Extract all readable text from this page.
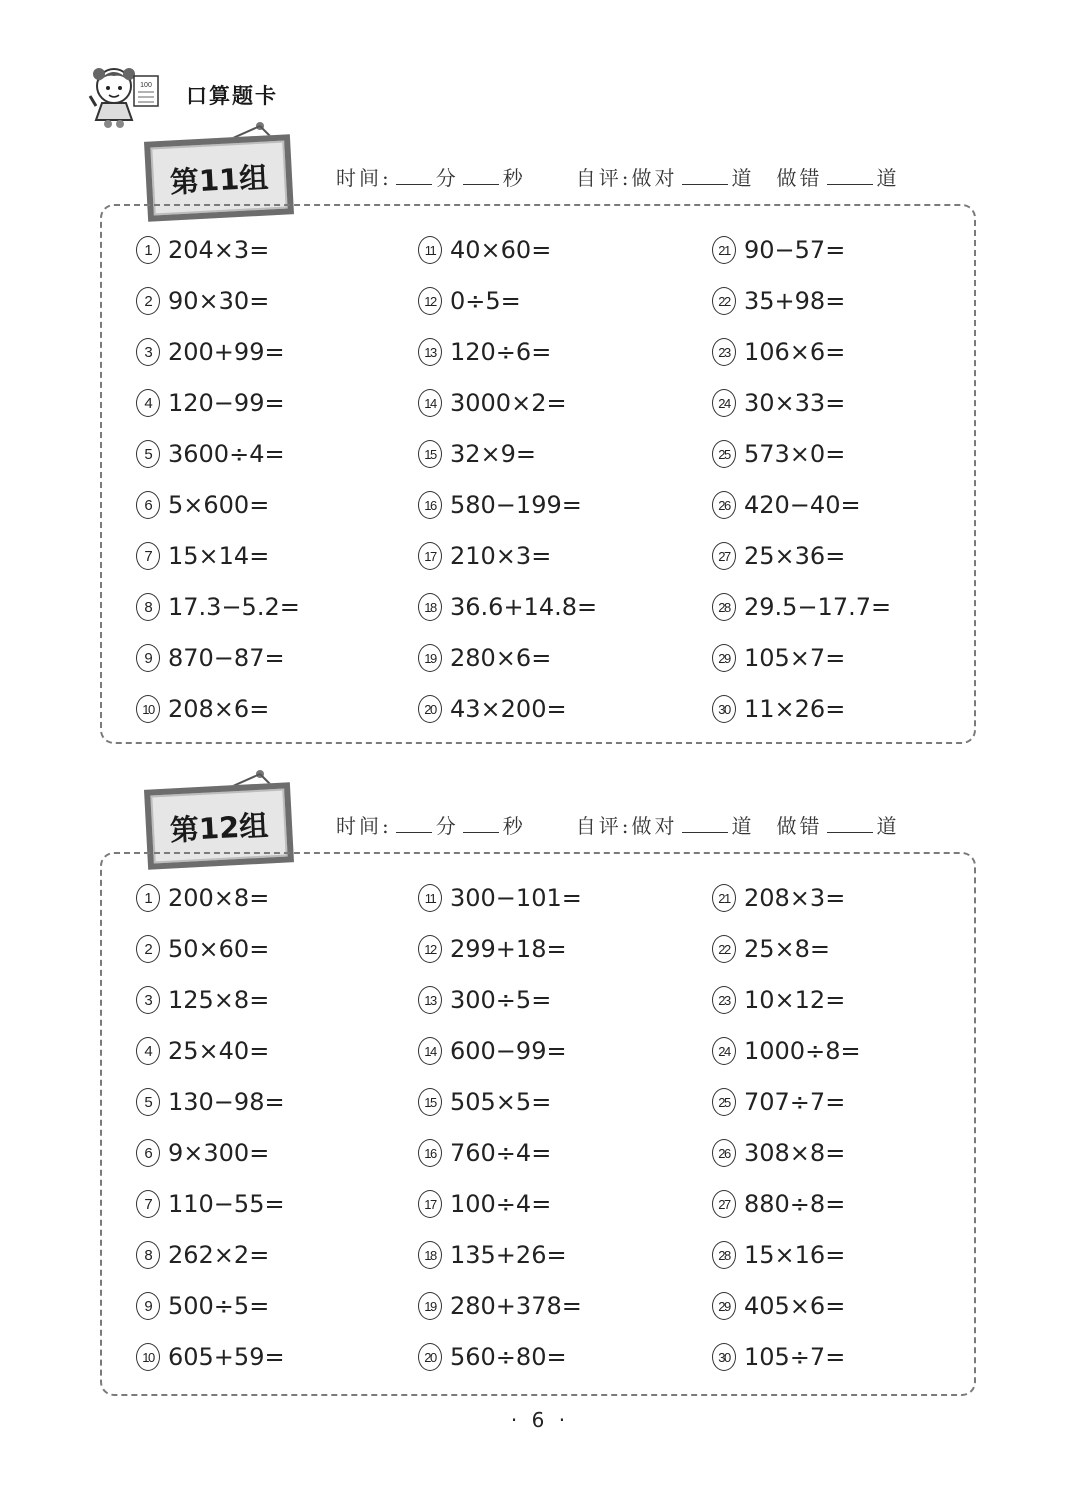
100 口算题卡
第11组	时间: 分 秒	自评:做对	道 做错	道
1 204×3=
2 90×30=
3 200+99=
4 120−99=
5 3600÷4=
6 5×600=
7 15×14=
8 17.3−5.2=
9 870−87=
10 208×6=
11 40×60=
12 0÷5=
13 120÷6=
14 3000×2=
15 32×9=
16 580−199=
17 210×3=
18 36.6+14.8=
19 280×6=
20 43×200=
21 90−57=
22 35+98=
23 106×6=
24 30×33=
25 573×0=
26 420−40=
27 25×36=
28 29.5−17.7=
29 105×7=
30 11×26=
第12组	时间: 分 秒	自评:做对	道 做错	道
1 200×8=
2 50×60=
3 125×8=
4 25×40=
5 130−98=
6 9×300=
7 110−55=
8 262×2=
9 500÷5=
10 605+59=
11 300−101=
12 299+18=
13 300÷5=
14 600−99=
15 505×5=
16 760÷4=
17 100÷4=
18 135+26=
19 280+378=
20 560÷80=
21 208×3=
22 25×8=
23 10×12=
24 1000÷8=
25 707÷7=
26 308×8=
27 880÷8=
28 15×16=
29 405×6=
30 105÷7=
· 6 ·
